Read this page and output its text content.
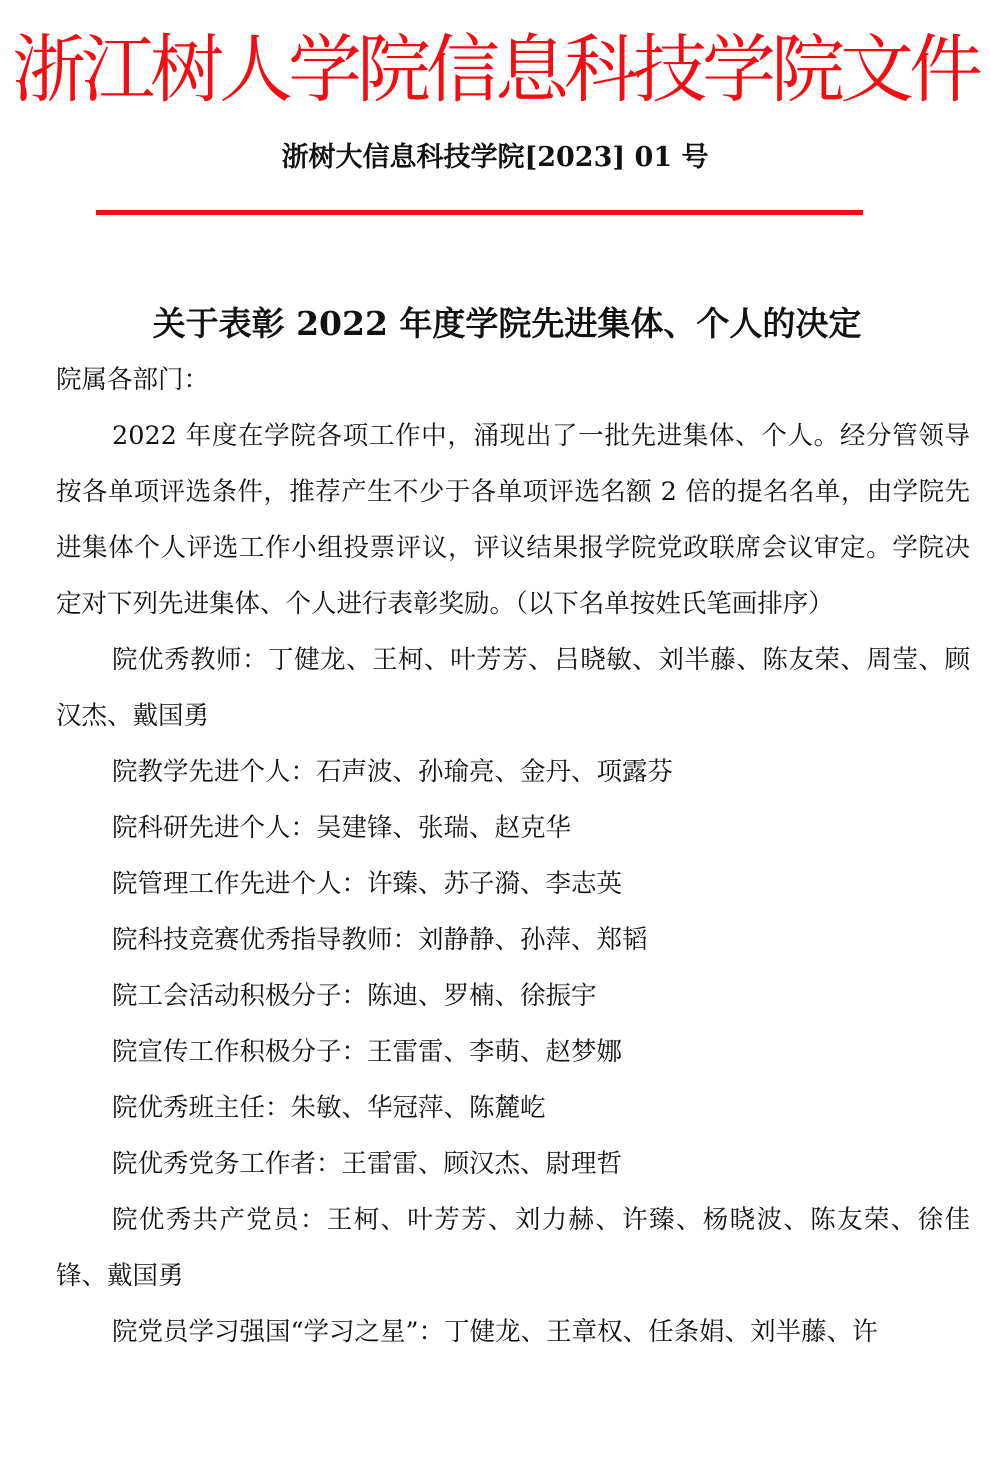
浙江树人学院信息科技学院文件
浙树大信息科技学院[2023] 01 号
关于表彰 2022 年度学院先进集体、个人的决定

院属各部门：

2022 年度在学院各项工作中，涌现出了一批先进集体、个人。经分管领导按各单项评选条件，推荐产生不少于各单项评选名额 2 倍的提名名单，由学院先进集体个人评选工作小组投票评议，评议结果报学院党政联席会议审定。学院决定对下列先进集体、个人进行表彰奖励。（以下名单按姓氏笔画排序）

院优秀教师：丁健龙、王柯、叶芳芳、吕晓敏、刘半藤、陈友荣、周莹、顾汉杰、戴国勇

院教学先进个人：石声波、孙瑜亮、金丹、项露芬

院科研先进个人：吴建锋、张瑞、赵克华

院管理工作先进个人：许臻、苏子漪、李志英

院科技竞赛优秀指导教师：刘静静、孙萍、郑韬

院工会活动积极分子：陈迪、罗楠、徐振宇

院宣传工作积极分子：王雷雷、李萌、赵梦娜

院优秀班主任：朱敏、华冠萍、陈麓屹

院优秀党务工作者：王雷雷、顾汉杰、尉理哲

院优秀共产党员：王柯、叶芳芳、刘力赫、许臻、杨晓波、陈友荣、徐佳锋、戴国勇

院党员学习强国“学习之星”：丁健龙、王章权、任条娟、刘半藤、许
